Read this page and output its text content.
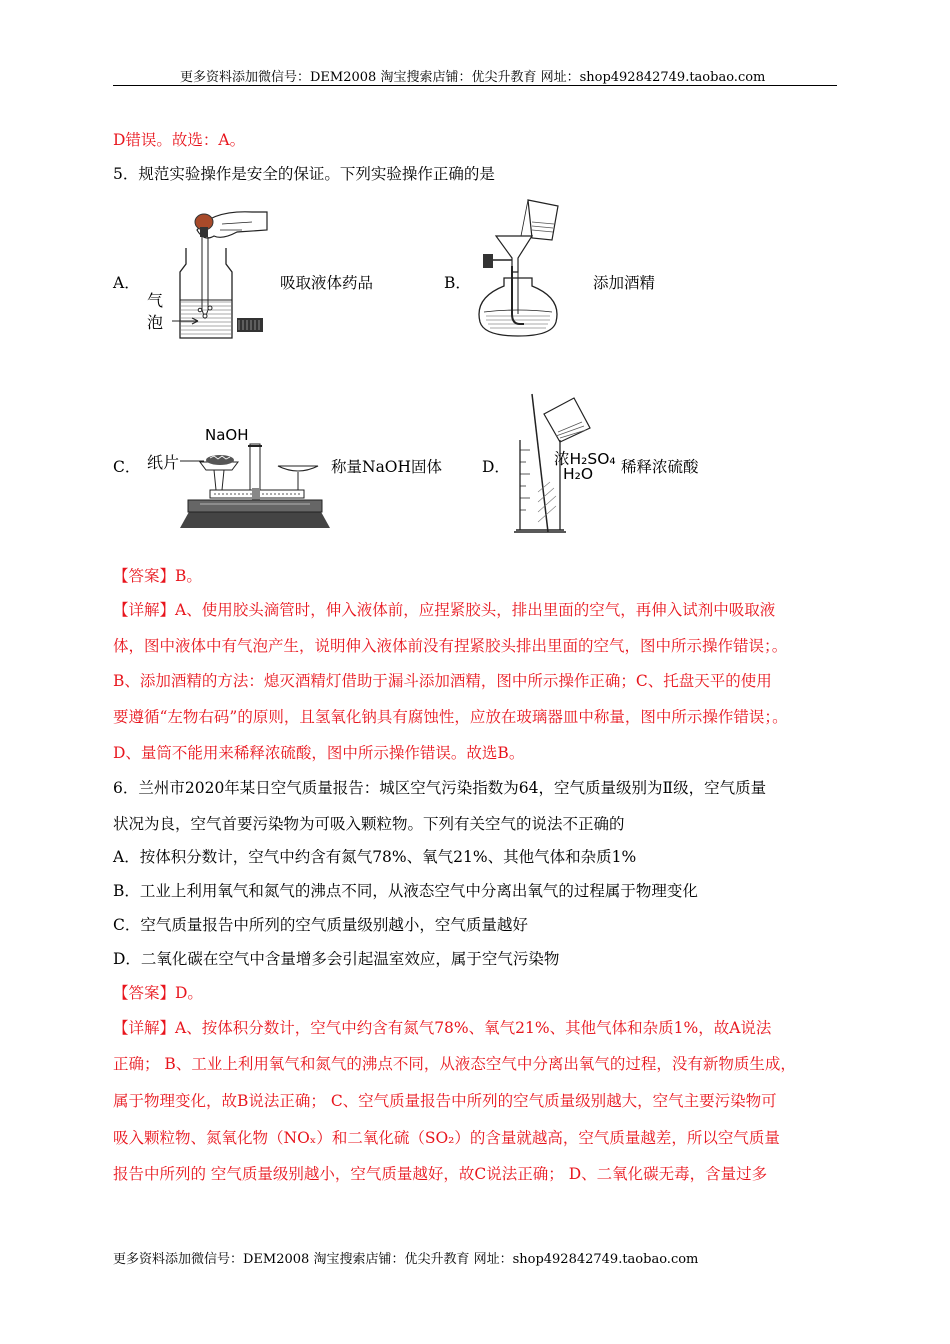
更多资料添加微信号：DEM2008 淘宝搜索店铺：优尖升教育 网址：shop492842749.taobao.com
D错误。故选：A。
5．规范实验操作是安全的保证。下列实验操作正确的是
A．
气
泡
吸取液体药品	B．	添加酒精
C．
NaOH
纸片	称量NaOH固体	D．	浓H₂SO₄
H₂O 稀释浓硫酸
【答案】B。
【详解】A、使用胶头滴管时，伸入液体前，应捏紧胶头，排出里面的空气，再伸入试剂中吸取液
体，图中液体中有气泡产生，说明伸入液体前没有捏紧胶头排出里面的空气，图中所示操作错误；。
B、添加酒精的方法：熄灭酒精灯借助于漏斗添加酒精，图中所示操作正确；C、托盘天平的使用
要遵循“左物右码”的原则，且氢氧化钠具有腐蚀性，应放在玻璃器皿中称量，图中所示操作错误；。
D、量筒不能用来稀释浓硫酸，图中所示操作错误。故选B。
6．兰州市2020年某日空气质量报告：城区空气污染指数为64，空气质量级别为Ⅱ级，空气质量
状况为良，空气首要污染物为可吸入颗粒物。下列有关空气的说法不正确的
A．按体积分数计，空气中约含有氮气78%、氧气21%、其他气体和杂质1%
B．工业上利用氧气和氮气的沸点不同，从液态空气中分离出氧气的过程属于物理变化
C．空气质量报告中所列的空气质量级别越小，空气质量越好
D．二氧化碳在空气中含量增多会引起温室效应，属于空气污染物
【答案】D。
【详解】A、按体积分数计，空气中约含有氮气78%、氧气21%、其他气体和杂质1%，故A说法
正确； B、工业上利用氧气和氮气的沸点不同，从液态空气中分离出氧气的过程，没有新物质生成，
属于物理变化，故B说法正确； C、空气质量报告中所列的空气质量级别越大，空气主要污染物可
吸入颗粒物、氮氧化物（NOₓ）和二氧化硫（SO₂）的含量就越高，空气质量越差，所以空气质量
报告中所列的 空气质量级别越小，空气质量越好，故C说法正确； D、二氧化碳无毒，含量过多
更多资料添加微信号：DEM2008 淘宝搜索店铺：优尖升教育 网址：shop492842749.taobao.com
